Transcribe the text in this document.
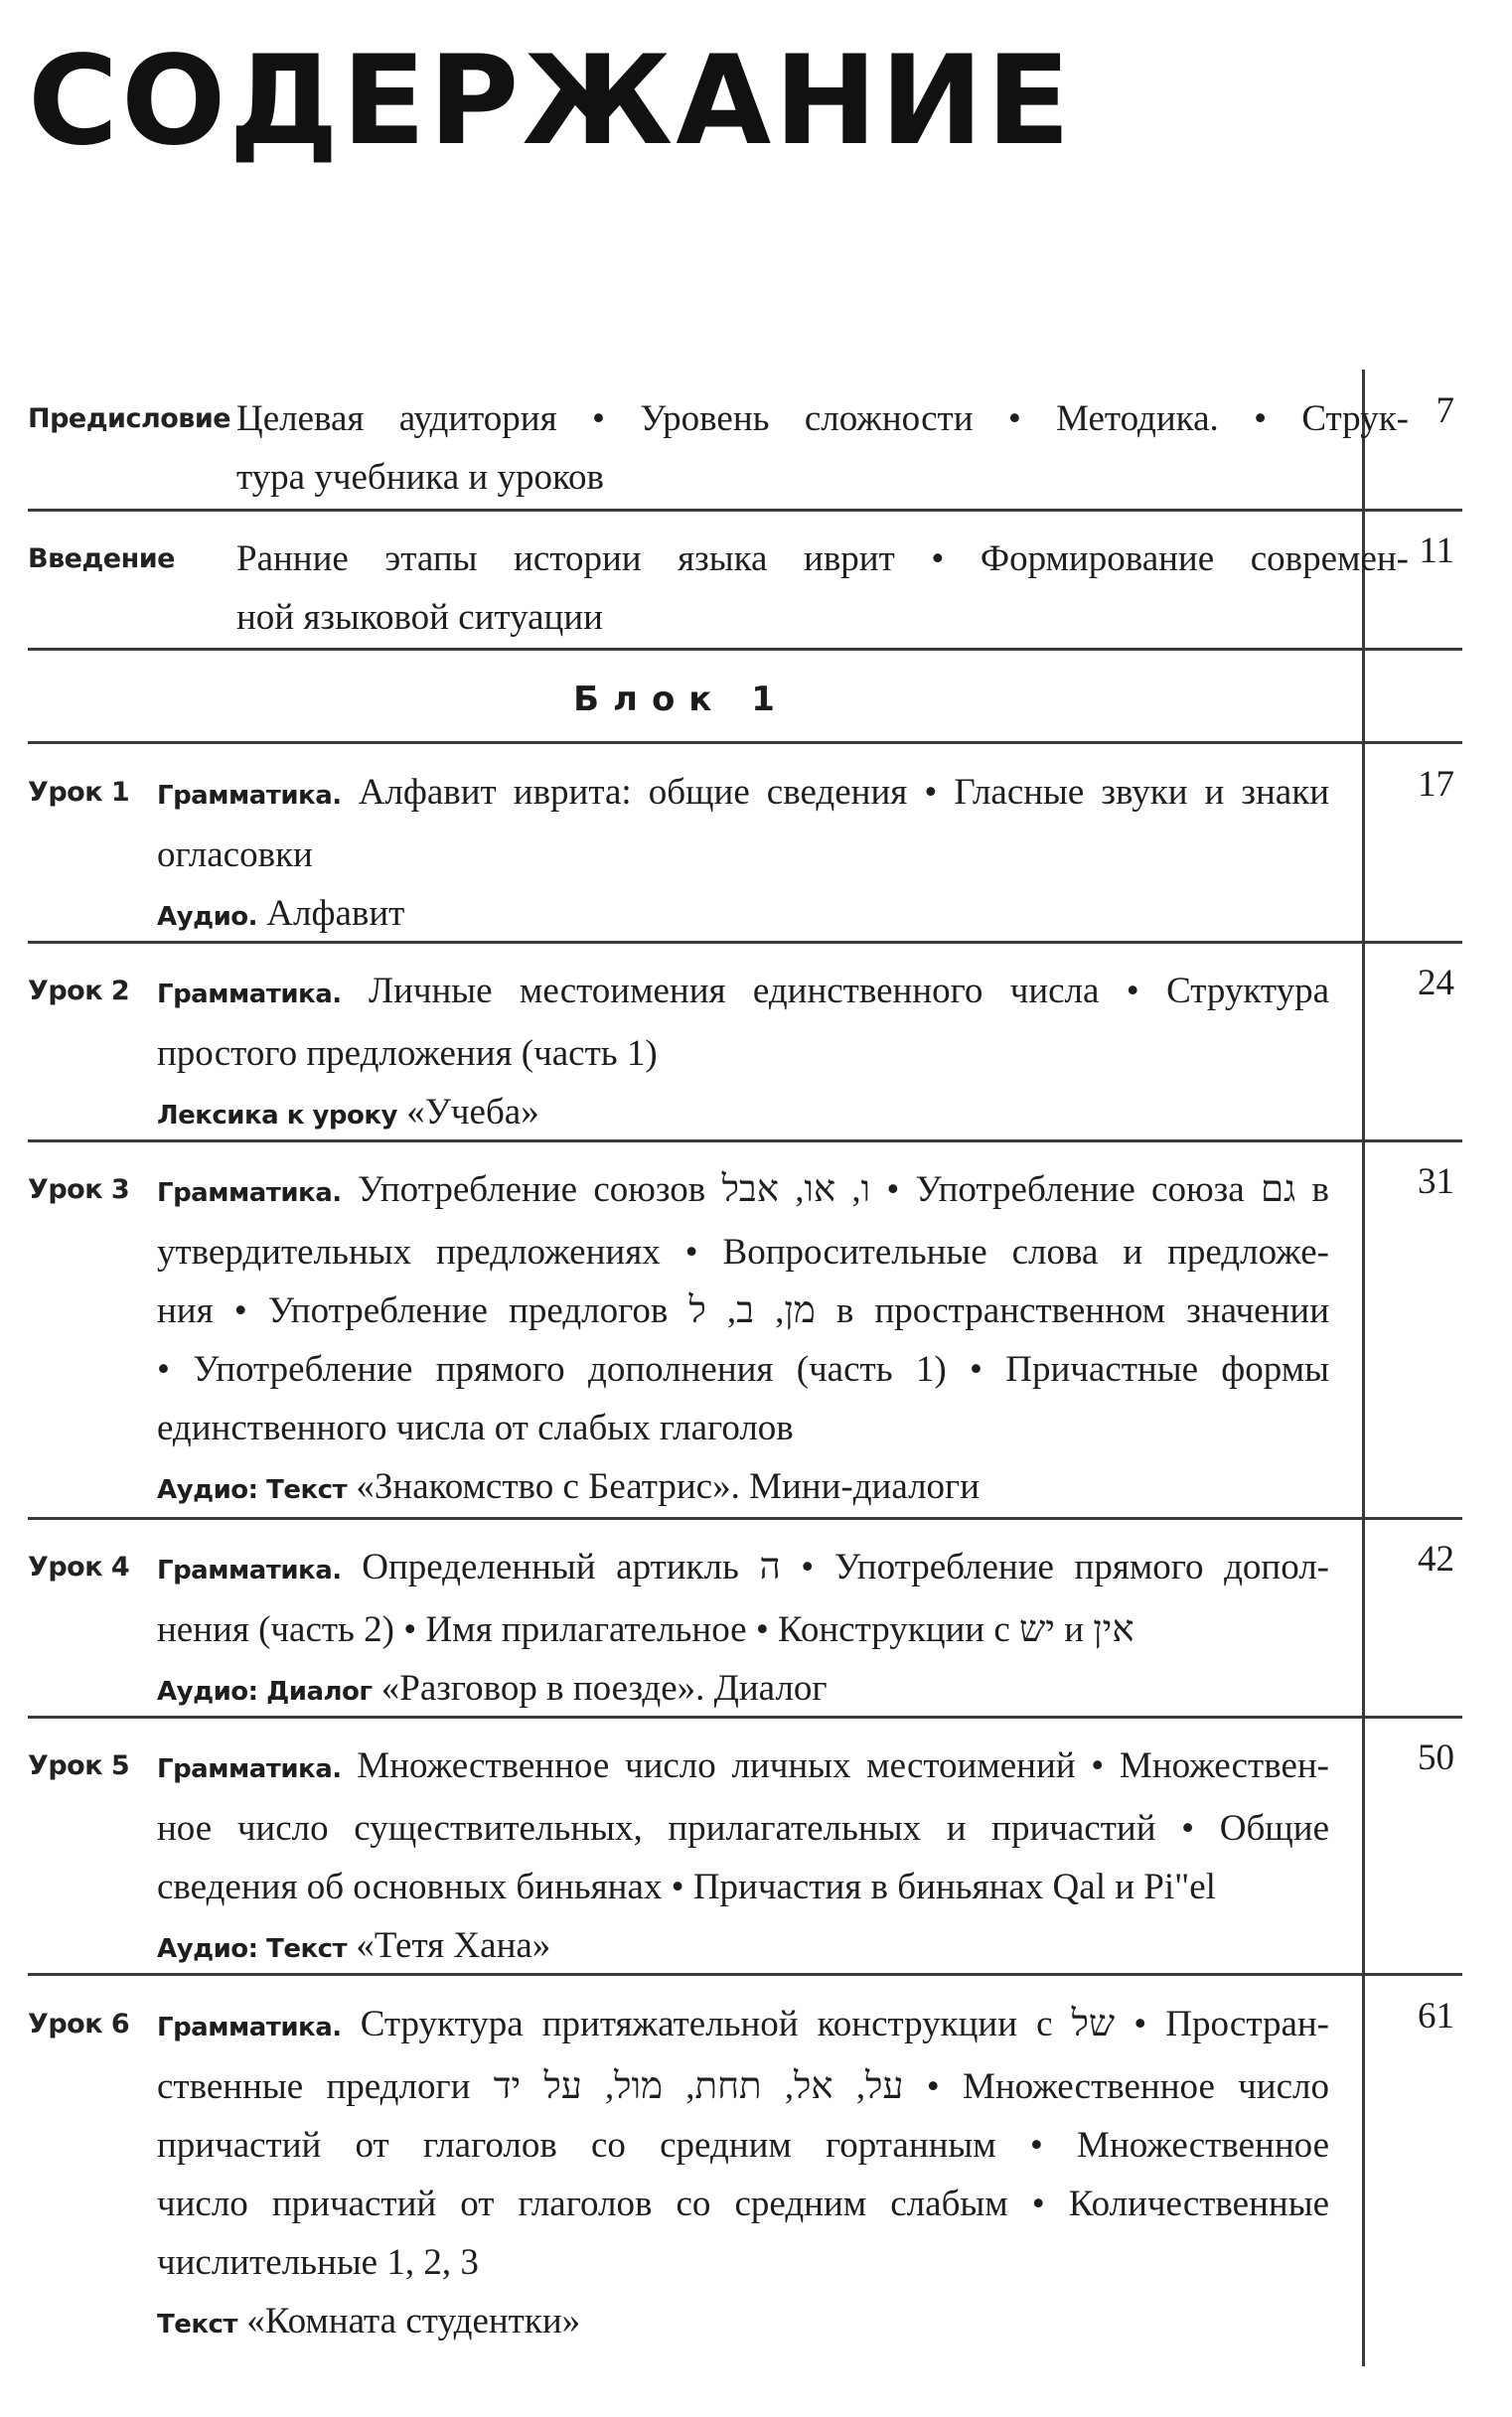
СОДЕРЖАНИЕ
Предисловие Целевая аудитория • Уровень сложности • Методика. • Струк-
тура учебника и уроков
7
Введение Ранние этапы истории языка иврит • Формирование современ-
ной языковой ситуации
11
Блок 1
Урок 1 Грамматика. Алфавит иврита: общие сведения • Гласные звуки и знаки
огласовки
Аудио. Алфавит
17
Урок 2 Грамматика. Личные местоимения единственного числа • Структура
простого предложения (часть 1)
Лексика к уроку «Учеба»
24
Урок 3 Грамматика. Употребление союзов ו, או, אבל • Употребление союза גם в
утвердительных предложениях • Вопросительные слова и предложе-
ния • Употребление предлогов מן, ב, ל в пространственном значении
• Употребление прямого дополнения (часть 1) • Причастные формы
единственного числа от слабых глаголов
Аудио: Текст «Знакомство с Беатрис». Мини-диалоги
31
Урок 4 Грамматика. Определенный артикль ה • Употребление прямого допол-
нения (часть 2) • Имя прилагательное • Конструкции с יש и אין
Аудио: Диалог «Разговор в поезде». Диалог
42
Урок 5 Грамматика. Множественное число личных местоимений • Множествен-
ное число существительных, прилагательных и причастий • Общие
сведения об основных биньянах • Причастия в биньянах Qal и Pi"el
Аудио: Текст «Тетя Хана»
50
Урок 6 Грамматика. Структура притяжательной конструкции с של • Простран-
ственные предлоги על, אל, תחת, מול, על יד • Множественное число
причастий от глаголов со средним гортанным • Множественное
число причастий от глаголов со средним слабым • Количественные
числительные 1, 2, 3
Текст «Комната студентки»
61
